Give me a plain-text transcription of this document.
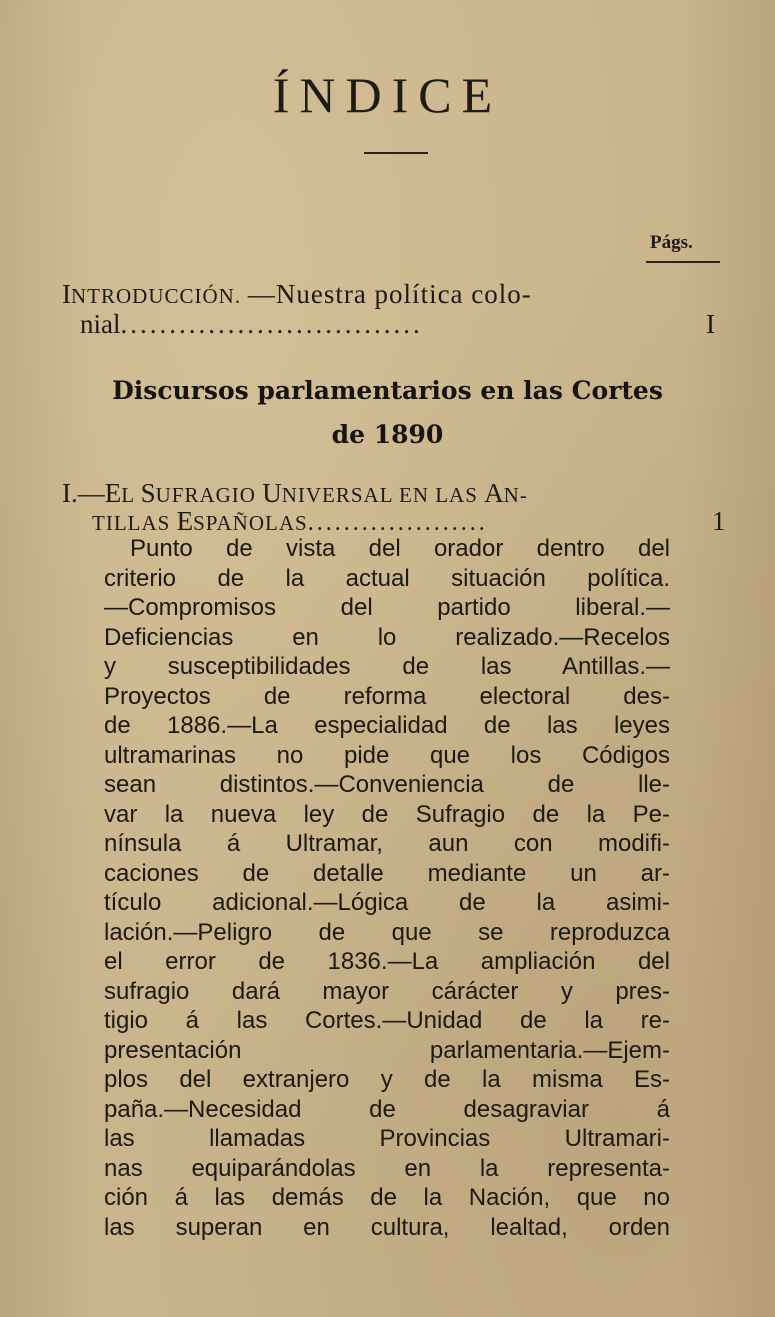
ÍNDICE
Págs.
INTRODUCCIÓN. —Nuestra política colo-
nial...............................	I
Discursos parlamentarios en las Cortes
de 1890
I.—EL SUFRAGIO UNIVERSAL EN LAS AN-
TILLAS ESPAÑOLAS....................	1
Punto de vista del orador dentro del
criterio de la actual situación política.
—Compromisos del partido liberal.—
Deficiencias en lo realizado.—Recelos
y susceptibilidades de las Antillas.—
Proyectos de reforma electoral des-
de 1886.—La especialidad de las leyes
ultramarinas no pide que los Códigos
sean distintos.—Conveniencia de lle-
var la nueva ley de Sufragio de la Pe-
nínsula á Ultramar, aun con modifi-
caciones de detalle mediante un ar-
tículo adicional.—Lógica de la asimi-
lación.—Peligro de que se reproduzca
el error de 1836.—La ampliación del
sufragio dará mayor cárácter y pres-
tigio á las Cortes.—Unidad de la re-
presentación parlamentaria.—Ejem-
plos del extranjero y de la misma Es-
paña.—Necesidad de desagraviar á
las llamadas Provincias Ultramari-
nas equiparándolas en la representa-
ción á las demás de la Nación, que no
las superan en cultura, lealtad, orden
